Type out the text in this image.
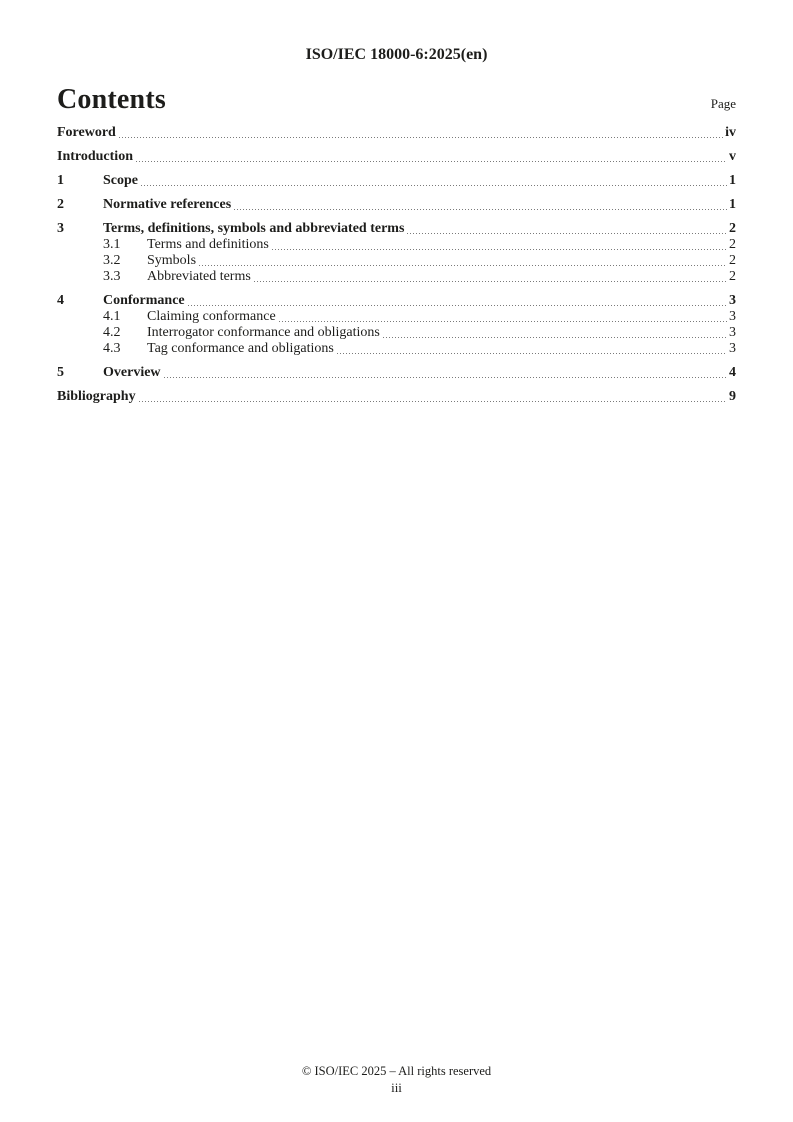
ISO/IEC 18000-6:2025(en)
Contents	Page
Foreword	iv
Introduction	v
1	Scope	1
2	Normative references	1
3	Terms, definitions, symbols and abbreviated terms	2
3.1	Terms and definitions	2
3.2	Symbols	2
3.3	Abbreviated terms	2
4	Conformance	3
4.1	Claiming conformance	3
4.2	Interrogator conformance and obligations	3
4.3	Tag conformance and obligations	3
5	Overview	4
Bibliography	9
© ISO/IEC 2025 – All rights reserved
iii
